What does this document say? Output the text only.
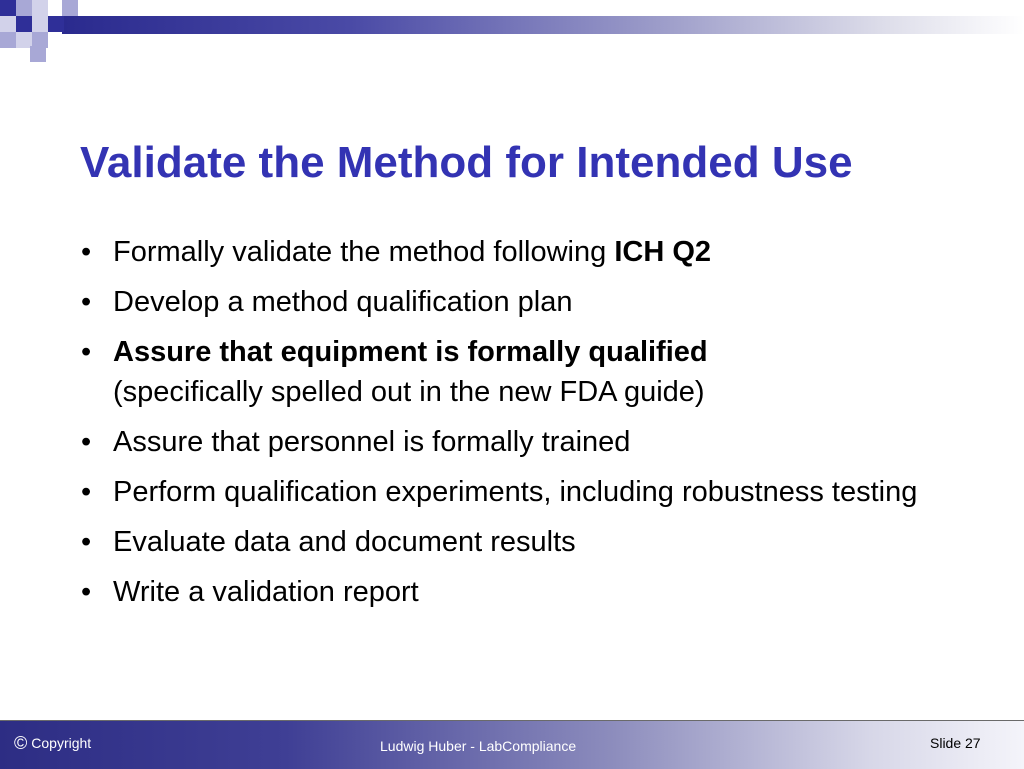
Validate the Method for Intended Use
• Formally validate the method following ICH Q2
• Develop a method qualification plan
• Assure that equipment is formally qualified
(specifically spelled out in the new FDA guide)
• Assure that personnel is formally trained
• Perform qualification experiments, including robustness testing
• Evaluate data and document results
• Write a validation report
© Copyright	Ludwig Huber - LabCompliance	Slide 27
